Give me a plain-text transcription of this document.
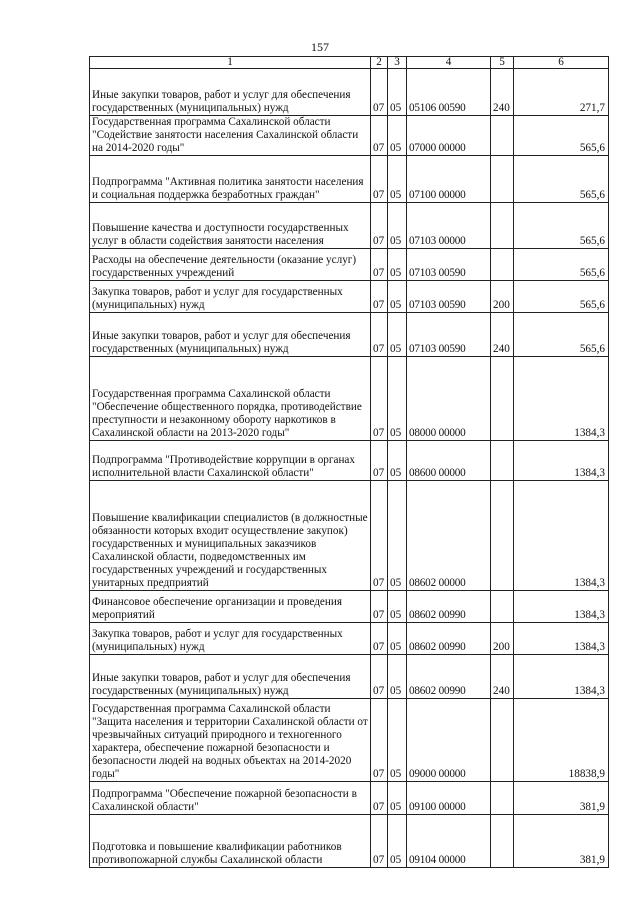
157
1	2	3	4	5	6
Иные закупки товаров, работ и услуг для обеспечения государственных (муниципальных) нужд	07	05	05106 00590	240	271,7
Государственная программа Сахалинской области "Содействие занятости населения Сахалинской области на 2014-2020 годы"	07	05	07000 00000		565,6
Подпрограмма "Активная политика занятости населения и социальная поддержка безработных граждан"	07	05	07100 00000		565,6
Повышение качества и доступности государственных услуг в области содействия занятости населения	07	05	07103 00000		565,6
Расходы на обеспечение деятельности (оказание услуг) государственных учреждений	07	05	07103 00590		565,6
Закупка товаров, работ и услуг для государственных (муниципальных) нужд	07	05	07103 00590	200	565,6
Иные закупки товаров, работ и услуг для обеспечения государственных (муниципальных) нужд	07	05	07103 00590	240	565,6
Государственная программа Сахалинской области "Обеспечение общественного порядка, противодействие преступности и незаконному обороту наркотиков в Сахалинской области на 2013-2020 годы"	07	05	08000 00000		1384,3
Подпрограмма "Противодействие коррупции в органах исполнительной власти Сахалинской области"	07	05	08600 00000		1384,3
Повышение квалификации специалистов (в должностные обязанности которых входит осуществление закупок) государственных и муниципальных заказчиков Сахалинской области, подведомственных им государственных учреждений и государственных унитарных предприятий	07	05	08602 00000		1384,3
Финансовое обеспечение организации и проведения мероприятий	07	05	08602 00990		1384,3
Закупка товаров, работ и услуг для государственных (муниципальных) нужд	07	05	08602 00990	200	1384,3
Иные закупки товаров, работ и услуг для обеспечения государственных (муниципальных) нужд	07	05	08602 00990	240	1384,3
Государственная программа Сахалинской области "Защита населения и территории Сахалинской области от чрезвычайных ситуаций природного и техногенного характера, обеспечение пожарной безопасности и безопасности людей на водных объектах на 2014-2020 годы"	07	05	09000 00000		18838,9
Подпрограмма "Обеспечение пожарной безопасности в Сахалинской области"	07	05	09100 00000		381,9
Подготовка и повышение квалификации работников противопожарной службы Сахалинской области	07	05	09104 00000		381,9
